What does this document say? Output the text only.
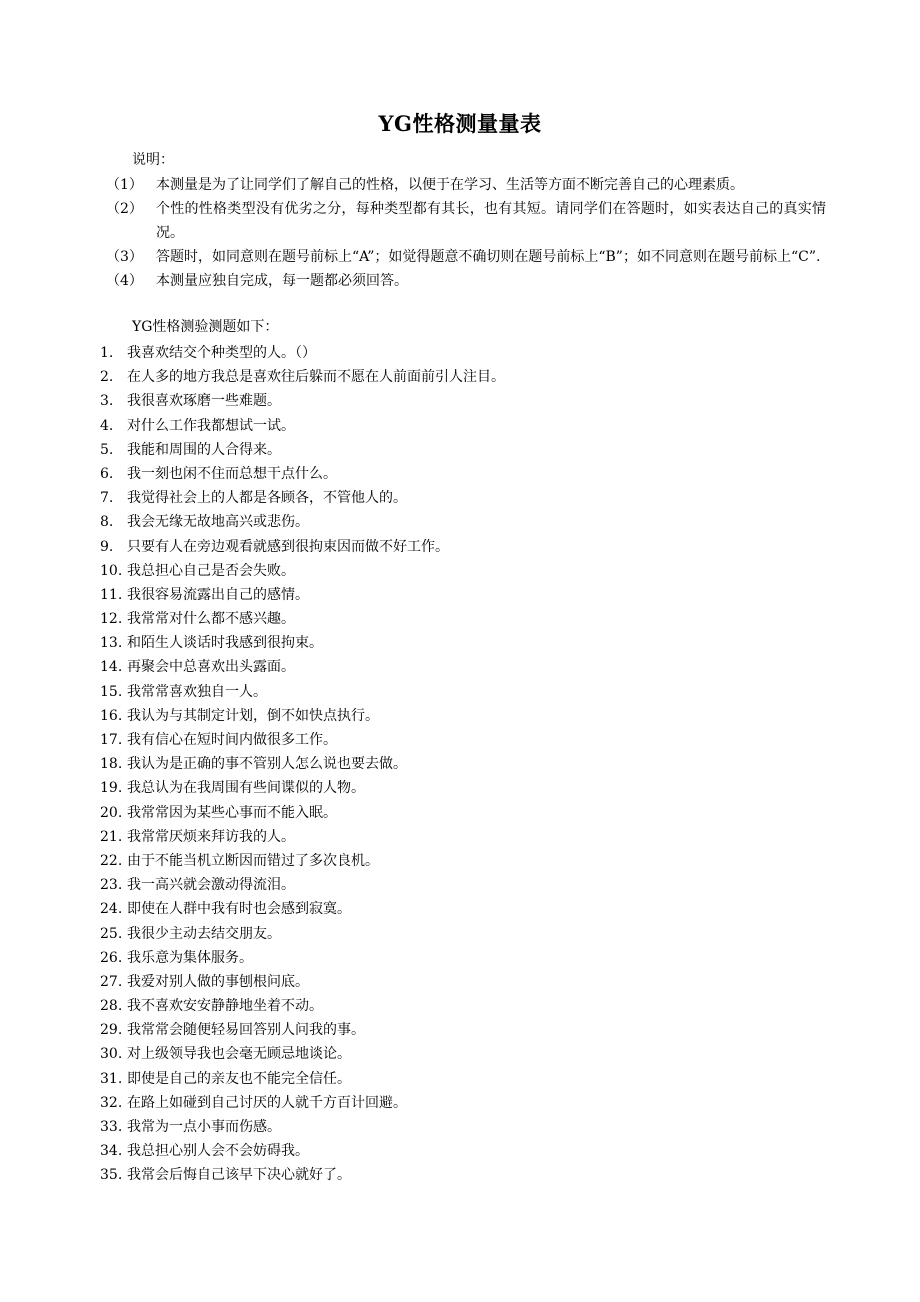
YG性格测量量表
说明：
（1） 本测量是为了让同学们了解自己的性格，以便于在学习、生活等方面不断完善自己的心理素质。
（2） 个性的性格类型没有优劣之分，每种类型都有其长，也有其短。请同学们在答题时，如实表达自己的真实情况。
（3） 答题时，如同意则在题号前标上“A”；如觉得题意不确切则在题号前标上“B”；如不同意则在题号前标上“C”.
（4） 本测量应独自完成，每一题都必须回答。
YG性格测验测题如下：
1. 我喜欢结交个种类型的人。（）
2. 在人多的地方我总是喜欢往后躲而不愿在人前面前引人注目。
3. 我很喜欢琢磨一些难题。
4. 对什么工作我都想试一试。
5. 我能和周围的人合得来。
6. 我一刻也闲不住而总想干点什么。
7. 我觉得社会上的人都是各顾各，不管他人的。
8. 我会无缘无故地高兴或悲伤。
9. 只要有人在旁边观看就感到很拘束因而做不好工作。
10. 我总担心自己是否会失败。
11. 我很容易流露出自己的感情。
12. 我常常对什么都不感兴趣。
13. 和陌生人谈话时我感到很拘束。
14. 再聚会中总喜欢出头露面。
15. 我常常喜欢独自一人。
16. 我认为与其制定计划，倒不如快点执行。
17. 我有信心在短时间内做很多工作。
18. 我认为是正确的事不管别人怎么说也要去做。
19. 我总认为在我周围有些间谍似的人物。
20. 我常常因为某些心事而不能入眠。
21. 我常常厌烦来拜访我的人。
22. 由于不能当机立断因而错过了多次良机。
23. 我一高兴就会激动得流泪。
24. 即使在人群中我有时也会感到寂寞。
25. 我很少主动去结交朋友。
26. 我乐意为集体服务。
27. 我爱对别人做的事刨根问底。
28. 我不喜欢安安静静地坐着不动。
29. 我常常会随便轻易回答别人问我的事。
30. 对上级领导我也会毫无顾忌地谈论。
31. 即使是自己的亲友也不能完全信任。
32. 在路上如碰到自己讨厌的人就千方百计回避。
33. 我常为一点小事而伤感。
34. 我总担心别人会不会妨碍我。
35. 我常会后悔自己该早下决心就好了。
